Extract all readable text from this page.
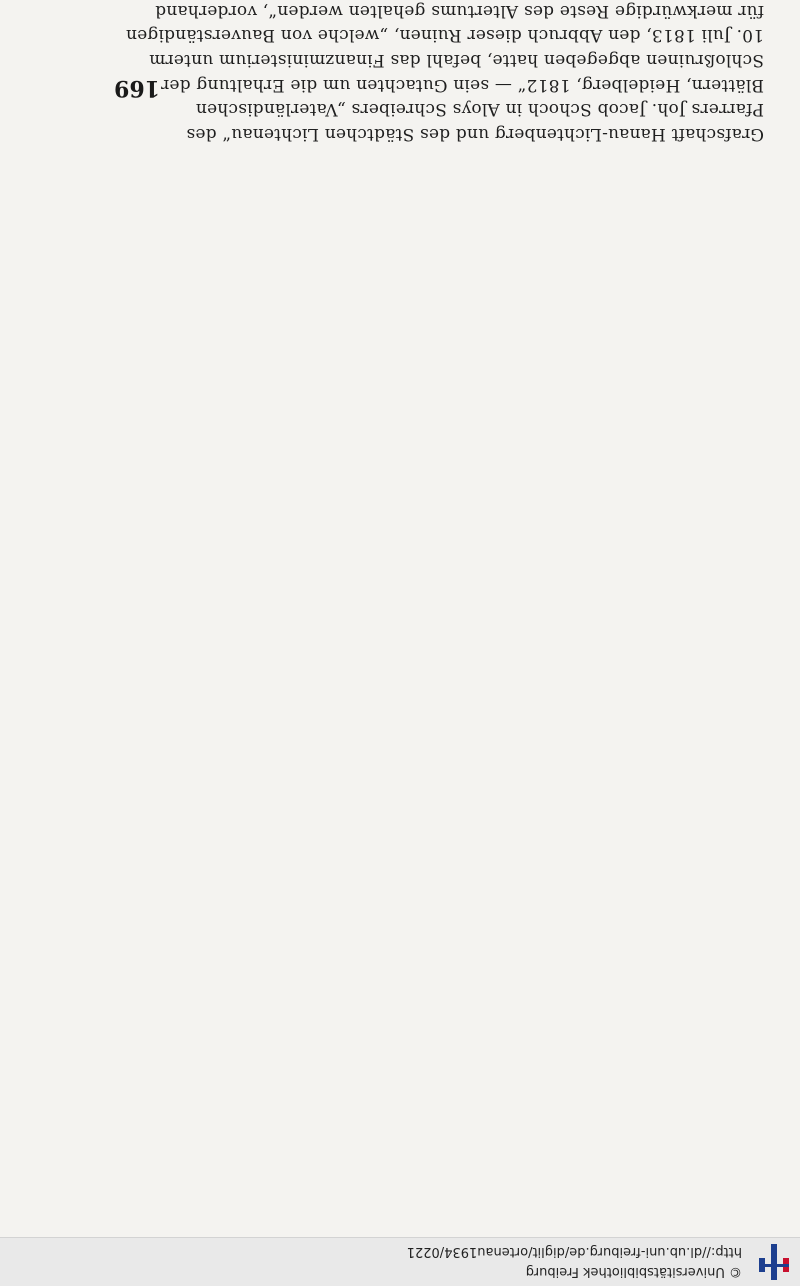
© Universitätsbibliothek Freiburg
http://dl.ub.uni-freiburg.de/diglit/ortenau1934/0221
169
Grafschaft Hanau-Lichtenberg und des Städtchen Lichtenau“ des
Pfarrers Joh. Jacob Schoch in Aloys Schreibers „Vaterländischen
Blättern, Heidelberg, 1812“ — sein Gutachten um die Erhaltung der
Schloßruinen abgegeben hatte, befahl das Finanzministerium unterm
10. Juli 1813, den Abbruch dieser Ruinen, „welche von Bauverständigen
für merkwürdige Reste des Altertums gehalten werden“, vorderhand
